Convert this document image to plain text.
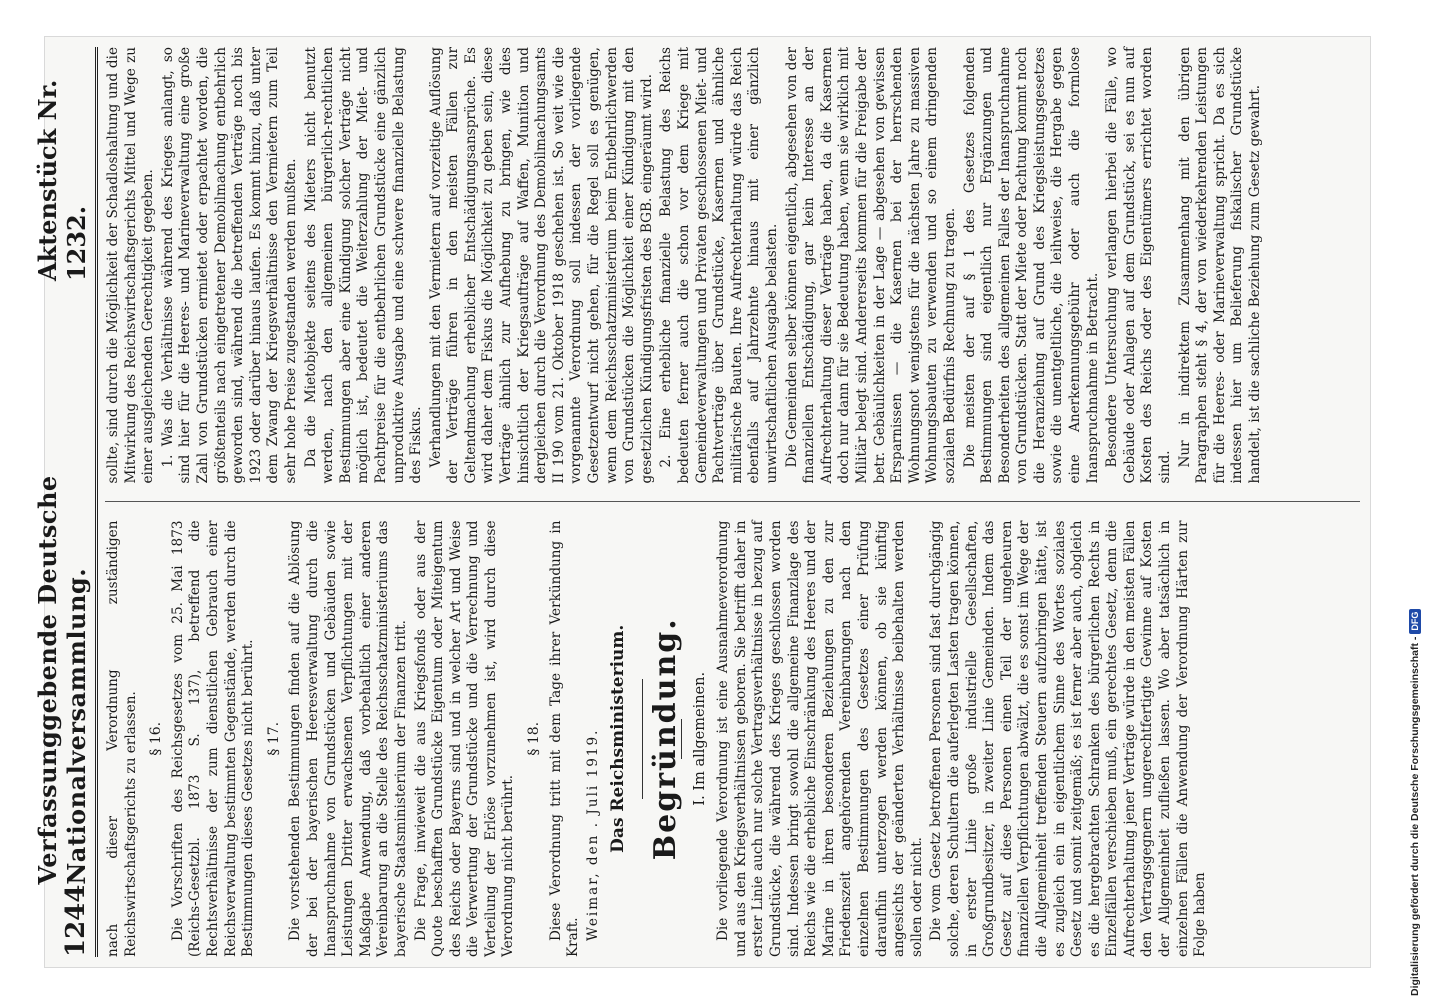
1244
Verfassunggebende Deutsche Nationalversammlung.
Aktenstück Nr. 1232.

nach dieser Verordnung zuständigen Reichswirtschaftsgerichts zu erlassen. § 16. Die Vorschriften des Reichsgesetzes vom 25. Mai 1873 (Reichs-Gesetzbl. 1873 S. 137), betreffend die Rechtsverhältnisse der zum dienstlichen Gebrauch einer Reichsverwaltung bestimmten Gegenstände, werden durch die Bestimmungen dieses Gesetzes nicht berührt. § 17. Die vorstehenden Bestimmungen finden auf die Ablösung der bei der bayerischen Heeresverwaltung durch die Inanspruchnahme von Grundstücken und Gebäuden sowie Leistungen Dritter erwachsenen Verpflichtungen mit der Maßgabe Anwendung, daß vorbehaltlich einer anderen Vereinbarung an die Stelle des Reichsschatzministeriums das bayerische Staatsministerium der Finanzen tritt. Die Frage, inwieweit die aus Kriegsfonds oder aus der Quote beschafften Grundstücke Eigentum oder Miteigentum des Reichs oder Bayerns sind und in welcher Art und Weise die Verwertung der Grundstücke und die Verrechnung und Verteilung der Erlöse vorzunehmen ist, wird durch diese Verordnung nicht berührt.

§ 18. Diese Verordnung tritt mit dem Tage ihrer Verkündung in Kraft. Weimar, den . Juli 1919. Das Reichsministerium. Begründung. I. Im allgemeinen. Die vorliegende Verordnung ist eine Ausnahmeverordnung und aus den Kriegsverhältnissen geboren. Sie betrifft daher in erster Linie auch nur solche Vertragsverhältnisse in bezug auf Grundstücke, die während des Krieges geschlossen worden sind. Indessen bringt sowohl die allgemeine Finanzlage des Reichs wie die erhebliche Einschränkung des Heeres und der Marine in ihren besonderen Beziehungen zu den zur Friedenszeit angehörenden Vereinbarungen nach den einzelnen Bestimmungen des Gesetzes einer Prüfung daraufhin unterzogen werden können, ob sie künftig angesichts der geänderten Verhältnisse beibehalten werden sollen oder nicht. Die vom Gesetz betroffenen Personen sind fast durchgängig solche, deren Schultern die auferlegten Lasten tragen können, in erster Linie große industrielle Gesellschaften, Großgrundbesitzer, in zweiter Linie Gemeinden. Indem das Gesetz auf diese Personen einen Teil der ungeheuren finanziellen Verpflichtungen abwälzt, die es sonst im Wege der die Allgemeinheit treffenden Steuern aufzubringen hätte, ist es zugleich ein in eigentlichem Sinne des Wortes soziales Gesetz und somit zeitgemäß; es ist ferner aber auch, obgleich es die hergebrachten Schranken des bürgerlichen Rechts in Einzelfällen verschieben muß, ein gerechtes Gesetz, denn die Aufrechterhaltung jener Verträge würde in den meisten Fällen den Vertragsgegnern ungerechtfertigte Gewinne auf Kosten der Allgemeinheit zufließen lassen. Wo aber tatsächlich in einzelnen Fällen die Anwendung der Verordnung Härten zur Folge haben

sollte, sind durch die Möglichkeit der Schadloshaltung und die Mitwirkung des Reichswirtschaftsgerichts Mittel und Wege zu einer ausgleichenden Gerechtigkeit gegeben. 1. Was die Verhältnisse während des Krieges anlangt, so sind hier für die Heeres- und Marineverwaltung eine große Zahl von Grundstücken ermietet oder erpachtet worden, die größtenteils nach eingetretener Demobilmachung entbehrlich geworden sind, während die betreffenden Verträge noch bis 1923 oder darüber hinaus laufen. Es kommt hinzu, daß unter dem Zwang der Kriegsverhältnisse den Vermietern zum Teil sehr hohe Preise zugestanden werden mußten. Da die Mietobjekte seitens des Mieters nicht benutzt werden, nach den allgemeinen bürgerlich-rechtlichen Bestimmungen aber eine Kündigung solcher Verträge nicht möglich ist, bedeutet die Weiterzahlung der Miet- und Pachtpreise für die entbehrlichen Grundstücke eine gänzlich unproduktive Ausgabe und eine schwere finanzielle Belastung des Fiskus. Verhandlungen mit den Vermietern auf vorzeitige Auflösung der Verträge führen in den meisten Fällen zur Geltendmachung erheblicher Entschädigungsansprüche. Es wird daher dem Fiskus die Möglichkeit zu geben sein, diese Verträge ähnlich zur Aufhebung zu bringen, wie dies hinsichtlich der Kriegsaufträge auf Waffen, Munition und dergleichen durch die Verordnung des Demobilmachungsamts II 190 vom 21. Oktober 1918 geschehen ist. So weit wie die vorgenannte Verordnung soll indessen der vorliegende Gesetzentwurf nicht gehen, für die Regel soll es genügen, wenn dem Reichsschatzministerium beim Entbehrlichwerden von Grundstücken die Möglichkeit einer Kündigung mit den gesetzlichen Kündigungsfristen des BGB. eingeräumt wird. 2. Eine erhebliche finanzielle Belastung des Reichs bedeuten ferner auch die schon vor dem Kriege mit Gemeindeverwaltungen und Privaten geschlossenen Miet- und Pachtverträge über Grundstücke, Kasernen und ähnliche militärische Bauten. Ihre Aufrechterhaltung würde das Reich ebenfalls auf Jahrzehnte hinaus mit einer gänzlich unwirtschaftlichen Ausgabe belasten. Die Gemeinden selber können eigentlich, abgesehen von der finanziellen Entschädigung, gar kein Interesse an der Aufrechterhaltung dieser Verträge haben, da die Kasernen doch nur dann für sie Bedeutung haben, wenn sie wirklich mit Militär belegt sind. Andererseits kommen für die Freigabe der betr. Gebäulichkeiten in der Lage — abgesehen von gewissen Ersparnissen — die Kasernen bei der herrschenden Wohnungsnot wenigstens für die nächsten Jahre zu massiven Wohnungsbauten zu verwenden und so einem dringenden sozialen Bedürfnis Rechnung zu tragen. Die meisten der auf § 1 des Gesetzes folgenden Bestimmungen sind eigentlich nur Ergänzungen und Besonderheiten des allgemeinen Falles der Inanspruchnahme von Grundstücken. Statt der Miete oder Pachtung kommt noch die Heranziehung auf Grund des Kriegsleistungsgesetzes sowie die unentgeltliche, die leihweise, die Hergabe gegen eine Anerkennungsgebühr oder auch die formlose Inanspruchnahme in Betracht. Besondere Untersuchung verlangen hierbei die Fälle, wo Gebäude oder Anlagen auf dem Grundstück, sei es nun auf Kosten des Reichs oder des Eigentümers errichtet worden sind. Nur in indirektem Zusammenhang mit den übrigen Paragraphen steht § 4, der von wiederkehrenden Leistungen für die Heeres- oder Marineverwaltung spricht. Da es sich indessen hier um Belieferung fiskalischer Grundstücke handelt, ist die sachliche Beziehung zum Gesetz gewahrt.

Digitalisierung gefördert durch die Deutsche Forschungsgemeinschaft -
DFG
